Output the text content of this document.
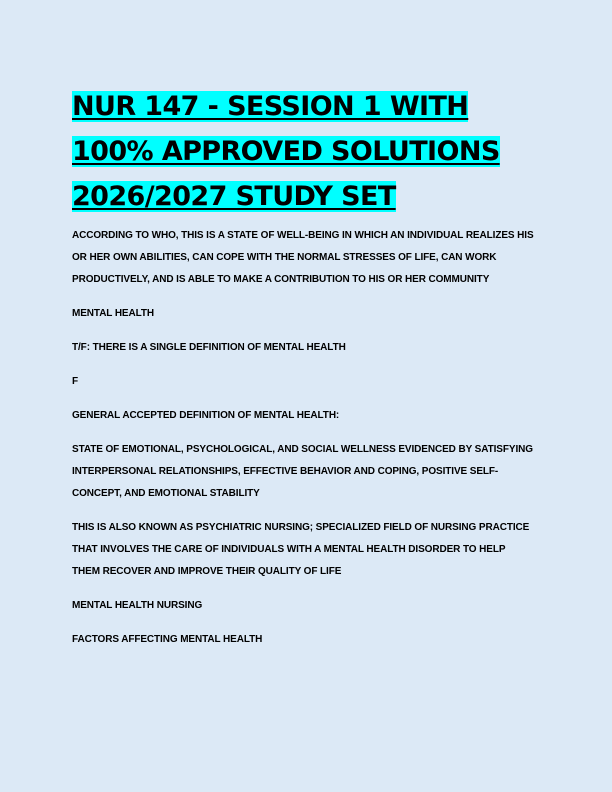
NUR 147 - SESSION 1 WITH
100% APPROVED SOLUTIONS
2026/2027 STUDY SET
ACCORDING TO WHO, THIS IS A STATE OF WELL-BEING IN WHICH AN INDIVIDUAL REALIZES HIS
OR HER OWN ABILITIES, CAN COPE WITH THE NORMAL STRESSES OF LIFE, CAN WORK
PRODUCTIVELY, AND IS ABLE TO MAKE A CONTRIBUTION TO HIS OR HER COMMUNITY
MENTAL HEALTH
T/F: THERE IS A SINGLE DEFINITION OF MENTAL HEALTH
F
GENERAL ACCEPTED DEFINITION OF MENTAL HEALTH:
STATE OF EMOTIONAL, PSYCHOLOGICAL, AND SOCIAL WELLNESS EVIDENCED BY SATISFYING
INTERPERSONAL RELATIONSHIPS, EFFECTIVE BEHAVIOR AND COPING, POSITIVE SELF-
CONCEPT, AND EMOTIONAL STABILITY
THIS IS ALSO KNOWN AS PSYCHIATRIC NURSING; SPECIALIZED FIELD OF NURSING PRACTICE
THAT INVOLVES THE CARE OF INDIVIDUALS WITH A MENTAL HEALTH DISORDER TO HELP
THEM RECOVER AND IMPROVE THEIR QUALITY OF LIFE
MENTAL HEALTH NURSING
FACTORS AFFECTING MENTAL HEALTH
